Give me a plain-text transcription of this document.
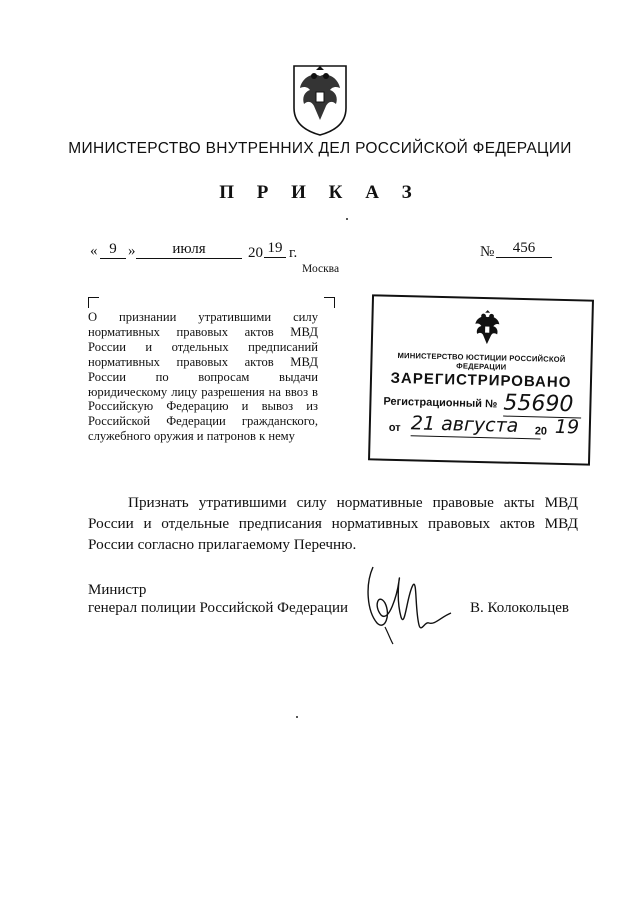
МИНИСТЕРСТВО ВНУТРЕННИХ ДЕЛ РОССИЙСКОЙ ФЕДЕРАЦИИ
П Р И К А З
« 9 »	июля	20 19 г.	№	456
Москва
О признании утратившими силу нормативных правовых актов МВД России и отдельных предписаний нормативных правовых актов МВД России по вопросам выдачи юридическому лицу разрешения на ввоз в Российскую Федерацию и вывоз из Российской Федерации гражданского, служебного оружия и патронов к нему
МИНИСТЕРСТВО ЮСТИЦИИ РОССИЙСКОЙ ФЕДЕРАЦИИ
ЗАРЕГИСТРИРОВАНО
Регистрационный № 55690
от 21 августа	20 19
Признать утратившими силу нормативные правовые акты МВД России и отдельные предписания нормативных правовых актов МВД России согласно прилагаемому Перечню.
Министр
генерал полиции Российской Федерации	В. Колокольцев
